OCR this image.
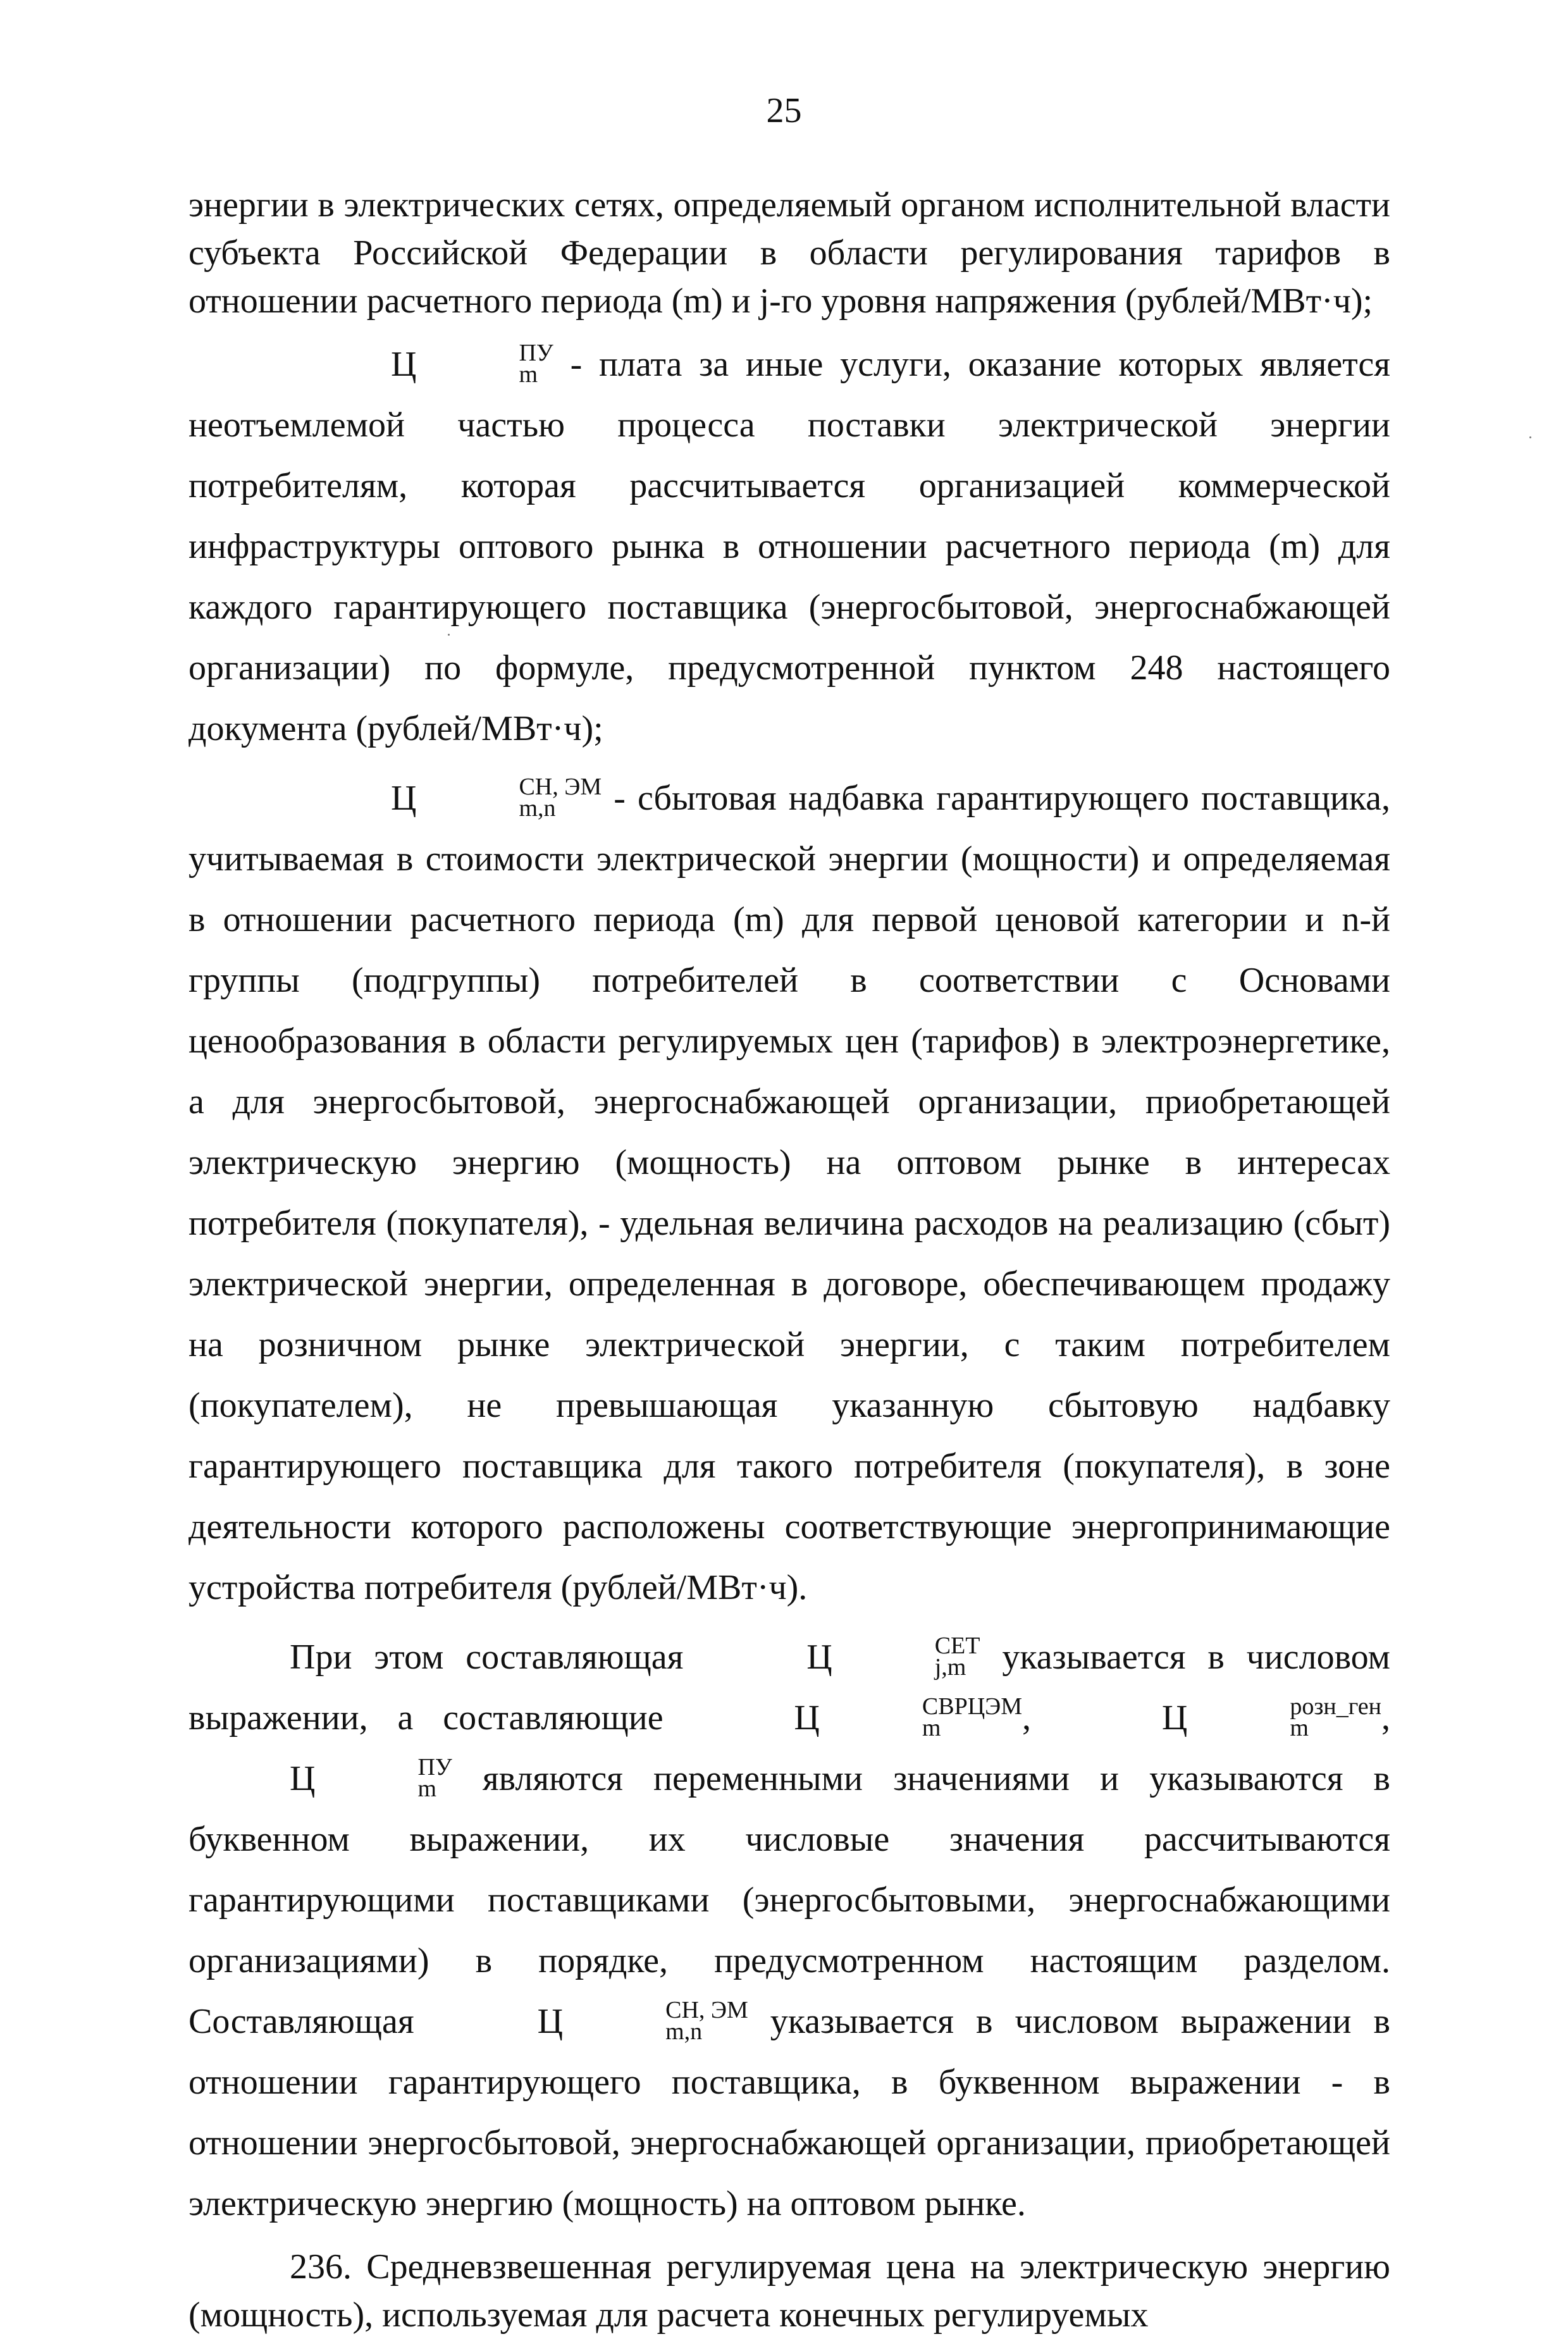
25

энергии в электрических сетях, определяемый органом исполнительной власти субъекта Российской Федерации в области регулирования тарифов в отношении расчетного периода (m) и j-го уровня напряжения (рублей/МВт·ч);

Ц	ПУ
m - плата за иные услуги, оказание которых является неотъемлемой частью процесса поставки электрической энергии потребителям, которая рассчитывается организацией коммерческой инфраструктуры оптового рынка в отношении расчетного периода (m) для каждого гарантирующего поставщика (энергосбытовой, энергоснабжающей организации) по формуле, предусмотренной пунктом 248 настоящего документа (рублей/МВт·ч);

Ц	СН, ЭМ
m,n	- сбытовая надбавка гарантирующего поставщика, учитываемая в стоимости электрической энергии (мощности) и определяемая в отношении расчетного периода (m) для первой ценовой категории и n-й группы (подгруппы) потребителей в соответствии с Основами ценообразования в области регулируемых цен (тарифов) в электроэнергетике, а для энергосбытовой, энергоснабжающей организации, приобретающей электрическую энергию (мощность) на оптовом рынке в интересах потребителя (покупателя), - удельная величина расходов на реализацию (сбыт) электрической энергии, определенная в договоре, обеспечивающем продажу на розничном рынке электрической энергии, с таким потребителем (покупателем), не превышающая указанную сбытовую надбавку гарантирующего поставщика для такого потребителя (покупателя), в зоне деятельности которого расположены соответствующие энергопринимающие устройства потребителя (рублей/МВт·ч).

При этом составляющая	Ц	СЕТ
j,m указывается в числовом выражении, а составляющие	Ц	СВРЦЭМ
m	,	Ц	розн_ген
m	, Ц	ПУ
m являются переменными значениями и указываются в буквенном выражении, их числовые значения рассчитываются гарантирующими поставщиками (энергосбытовыми, энергоснабжающими организациями) в порядке, предусмотренном настоящим разделом. Составляющая	Ц	СН, ЭМ
m,n	указывается в числовом выражении в отношении гарантирующего поставщика, в буквенном выражении - в отношении энергосбытовой, энергоснабжающей организации, приобретающей электрическую энергию (мощность) на оптовом рынке.

236. Средневзвешенная регулируемая цена на электрическую энергию (мощность), используемая для расчета конечных регулируемых
